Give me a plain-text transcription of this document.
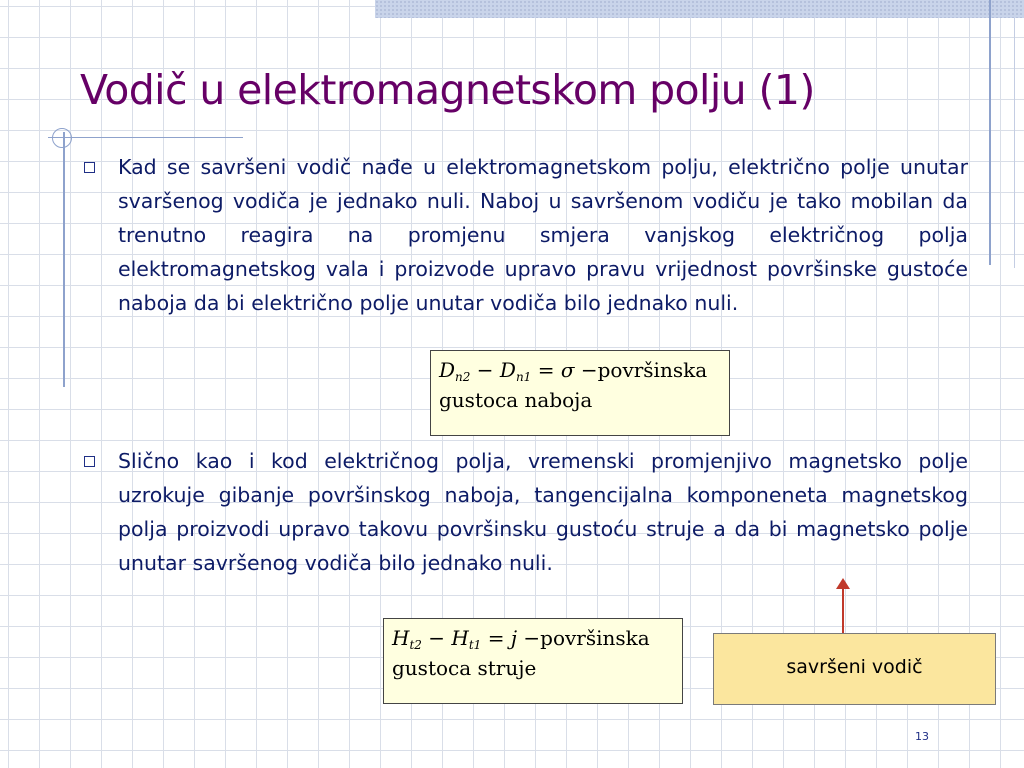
Vodič u elektromagnetskom polju (1)

Kad se savršeni vodič nađe u elektromagnetskom polju, električno polje unutar svaršenog vodiča je jednako nuli. Naboj u savršenom vodiču je tako mobilan da trenutno reagira na promjenu smjera vanjskog električnog polja elektromagnetskog vala i proizvode upravo pravu vrijednost površinske gustoće naboja da bi električno polje unutar vodiča bilo jednako nuli.

$D_{n2} - D_{n1} = \sigma$ −površinska
gustoca naboja

Slično kao i kod električnog polja, vremenski promjenjivo magnetsko polje uzrokuje gibanje površinskog naboja, tangencijalna komponeneta magnetskog polja proizvodi upravo takovu površinsku gustoću struje a da bi magnetsko polje unutar savršenog vodiča bilo jednako nuli.

$H_{t2} - H_{t1} = j$ −površinska
gustoca struje	savršeni vodič
13
